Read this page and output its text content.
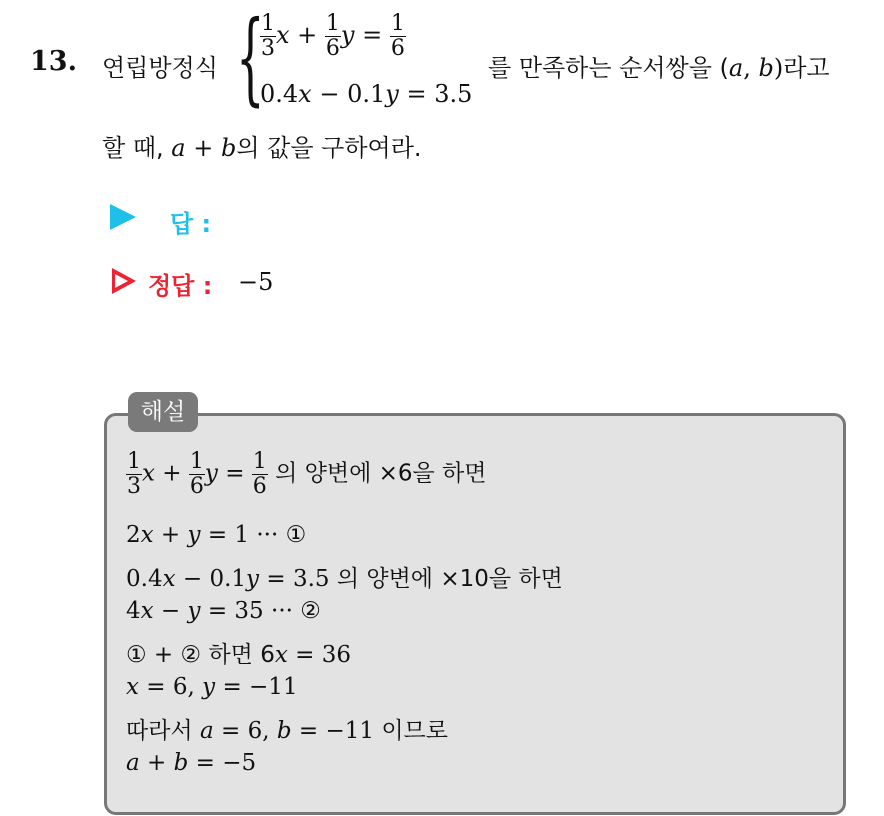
13. 연립방정식 {
$\frac{1}{3}$ $x + \frac{1}{6}$ $y = \frac{1}{6}$
0.4x − 0.1y = 3.5
를 만족하는 순서쌍을 (a, b)라고
할 때, a + b의 값을 구하여라.
답 :
정답 : −5
해설
$\frac{1}{3}$ $x + \frac{1}{6}$ $y = \frac{1}{6}$ 의 양변에 ×6을 하면
2x + y = 1 ··· ①
0.4x − 0.1y = 3.5 의 양변에 ×10을 하면
4x − y = 35 ··· ②
① + ② 하면 6x = 36
x = 6, y = −11
따라서 a = 6, b = −11 이므로
a + b = −5
